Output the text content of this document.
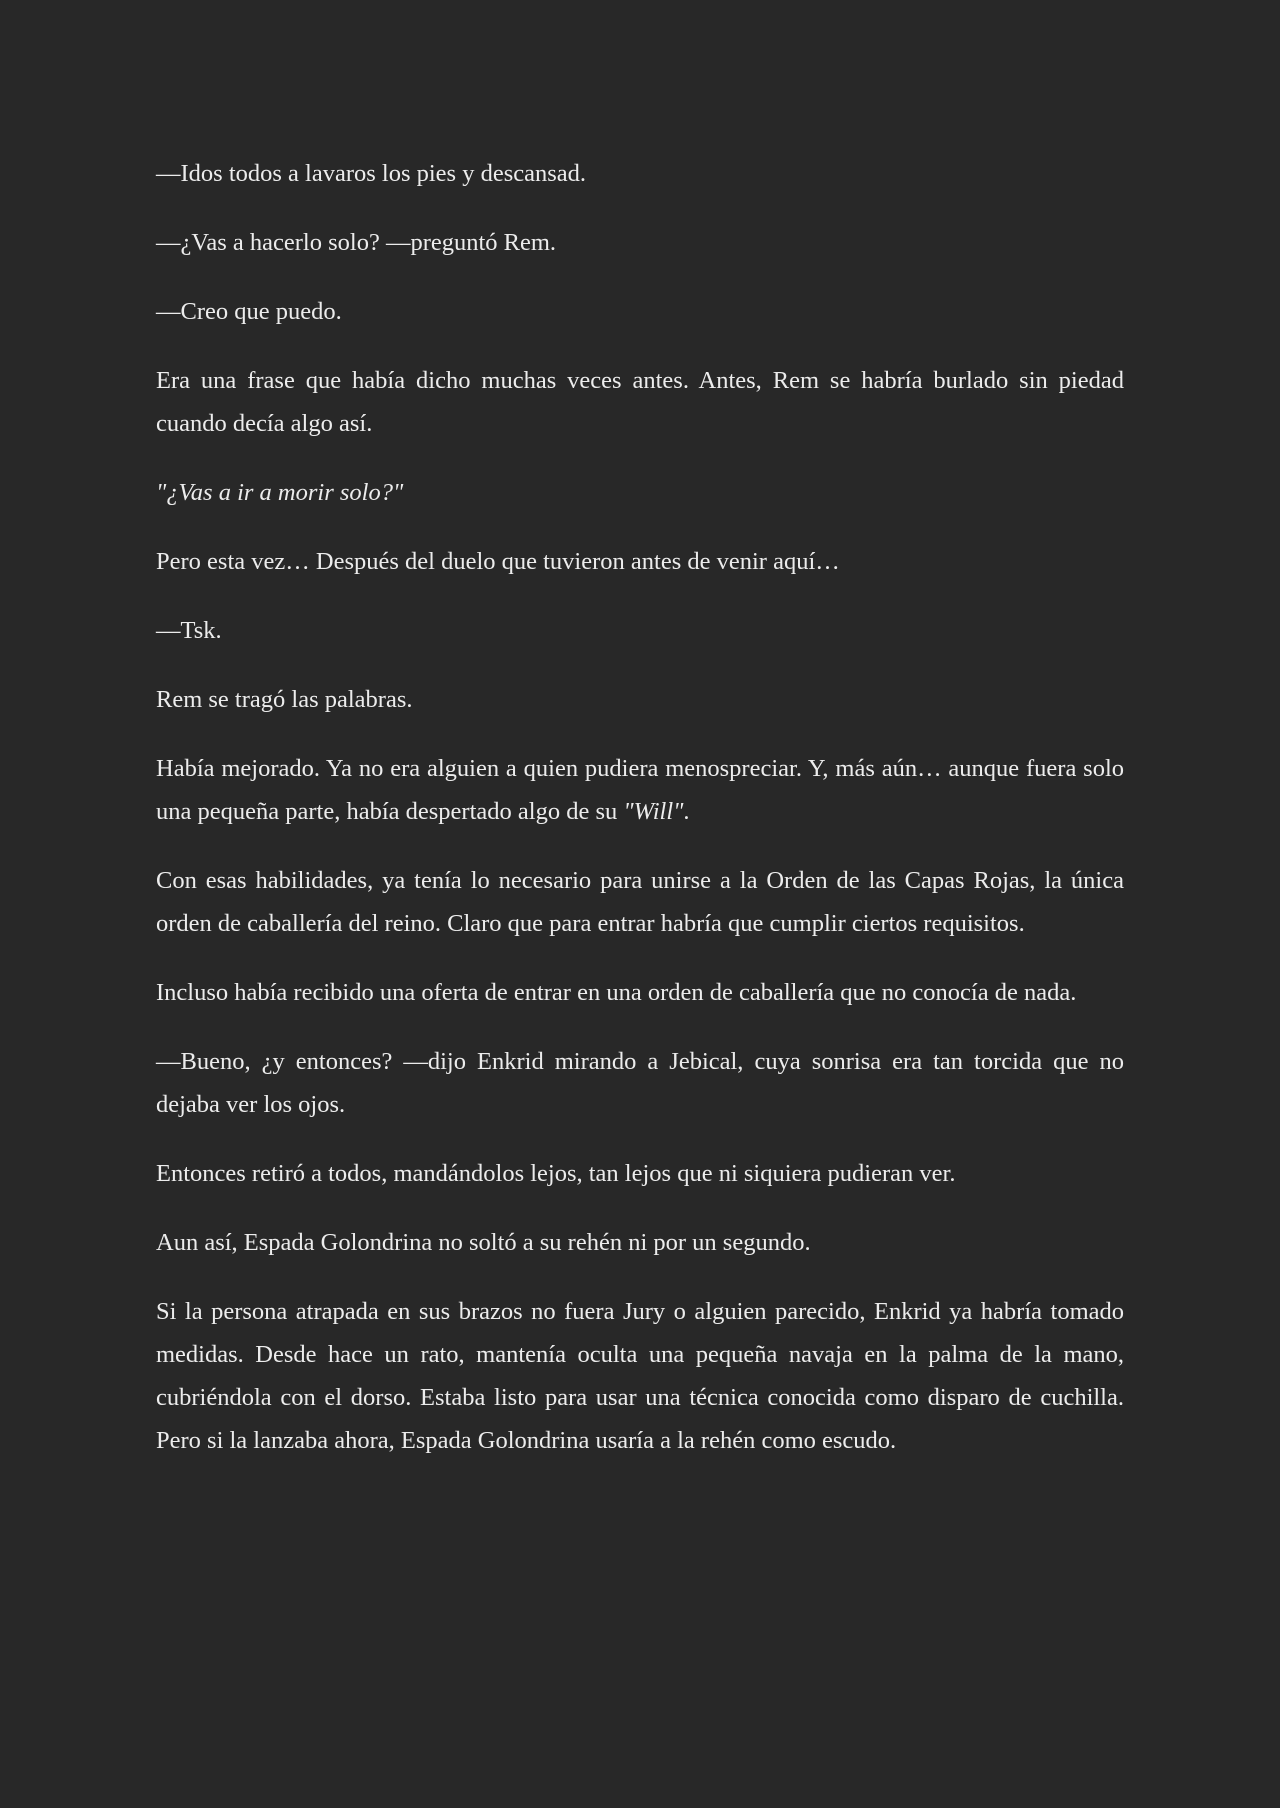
—Idos todos a lavaros los pies y descansad.

—¿Vas a hacerlo solo? —preguntó Rem.

—Creo que puedo.

Era una frase que había dicho muchas veces antes. Antes, Rem se habría burlado sin piedad cuando decía algo así.

"¿Vas a ir a morir solo?"

Pero esta vez… Después del duelo que tuvieron antes de venir aquí…

—Tsk.

Rem se tragó las palabras.

Había mejorado. Ya no era alguien a quien pudiera menospreciar. Y, más aún… aunque fuera solo una pequeña parte, había despertado algo de su "Will".

Con esas habilidades, ya tenía lo necesario para unirse a la Orden de las Capas Rojas, la única orden de caballería del reino. Claro que para entrar habría que cumplir ciertos requisitos.

Incluso había recibido una oferta de entrar en una orden de caballería que no conocía de nada.

—Bueno, ¿y entonces? —dijo Enkrid mirando a Jebical, cuya sonrisa era tan torcida que no dejaba ver los ojos.

Entonces retiró a todos, mandándolos lejos, tan lejos que ni siquiera pudieran ver.

Aun así, Espada Golondrina no soltó a su rehén ni por un segundo.

Si la persona atrapada en sus brazos no fuera Jury o alguien parecido, Enkrid ya habría tomado medidas. Desde hace un rato, mantenía oculta una pequeña navaja en la palma de la mano, cubriéndola con el dorso. Estaba listo para usar una técnica conocida como disparo de cuchilla. Pero si la lanzaba ahora, Espada Golondrina usaría a la rehén como escudo.
